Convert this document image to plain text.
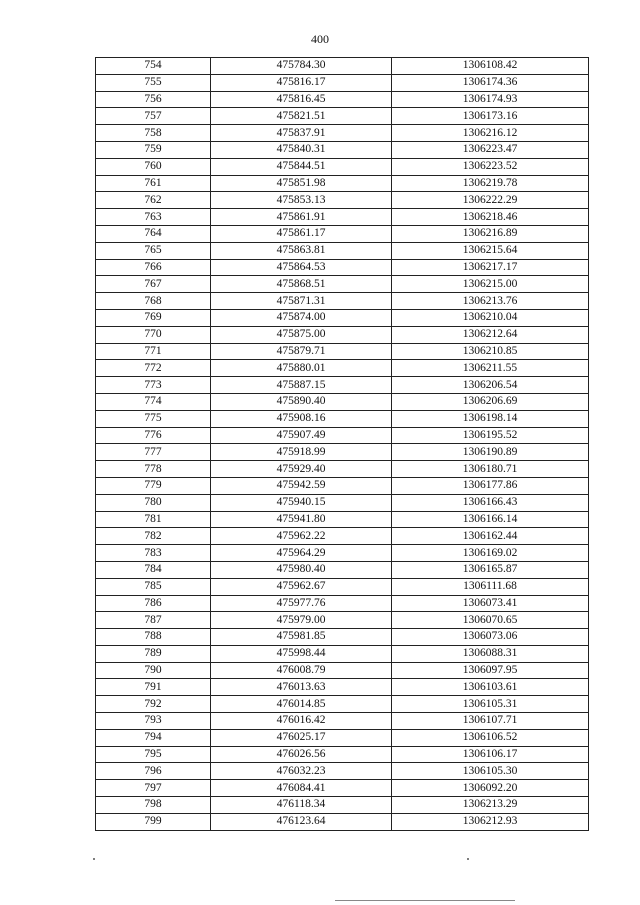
400
754	475784.30	1306108.42
755	475816.17	1306174.36
756	475816.45	1306174.93
757	475821.51	1306173.16
758	475837.91	1306216.12
759	475840.31	1306223.47
760	475844.51	1306223.52
761	475851.98	1306219.78
762	475853.13	1306222.29
763	475861.91	1306218.46
764	475861.17	1306216.89
765	475863.81	1306215.64
766	475864.53	1306217.17
767	475868.51	1306215.00
768	475871.31	1306213.76
769	475874.00	1306210.04
770	475875.00	1306212.64
771	475879.71	1306210.85
772	475880.01	1306211.55
773	475887.15	1306206.54
774	475890.40	1306206.69
775	475908.16	1306198.14
776	475907.49	1306195.52
777	475918.99	1306190.89
778	475929.40	1306180.71
779	475942.59	1306177.86
780	475940.15	1306166.43
781	475941.80	1306166.14
782	475962.22	1306162.44
783	475964.29	1306169.02
784	475980.40	1306165.87
785	475962.67	1306111.68
786	475977.76	1306073.41
787	475979.00	1306070.65
788	475981.85	1306073.06
789	475998.44	1306088.31
790	476008.79	1306097.95
791	476013.63	1306103.61
792	476014.85	1306105.31
793	476016.42	1306107.71
794	476025.17	1306106.52
795	476026.56	1306106.17
796	476032.23	1306105.30
797	476084.41	1306092.20
798	476118.34	1306213.29
799	476123.64	1306212.93
